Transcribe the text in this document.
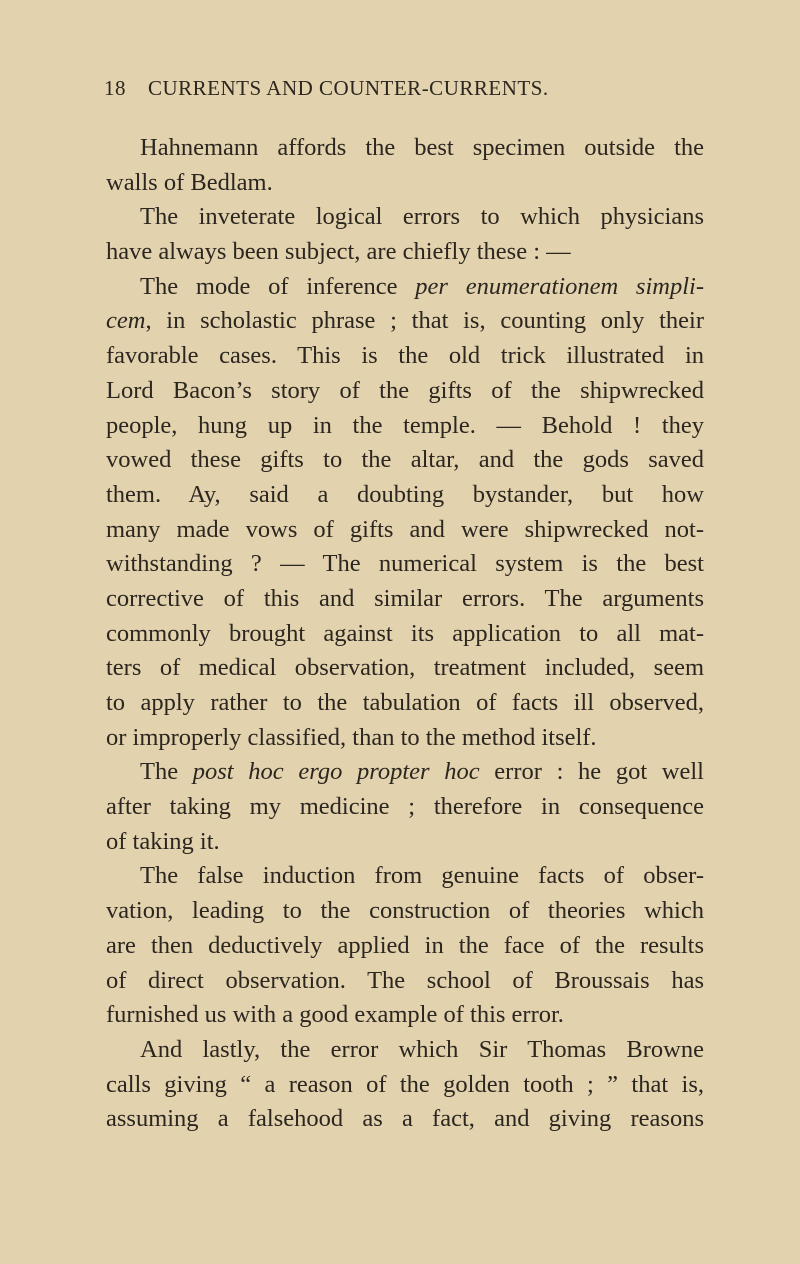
18 CURRENTS AND COUNTER-CURRENTS.
Hahnemann affords the best specimen outside the
walls of Bedlam.
The inveterate logical errors to which physicians
have always been subject, are chiefly these : —
The mode of inference per enumerationem simpli-
cem, in scholastic phrase ; that is, counting only their
favorable cases. This is the old trick illustrated in
Lord Bacon’s story of the gifts of the shipwrecked
people, hung up in the temple. — Behold ! they
vowed these gifts to the altar, and the gods saved
them. Ay, said a doubting bystander, but how
many made vows of gifts and were shipwrecked not-
withstanding ? — The numerical system is the best
corrective of this and similar errors. The arguments
commonly brought against its application to all mat-
ters of medical observation, treatment included, seem
to apply rather to the tabulation of facts ill observed,
or improperly classified, than to the method itself.
The post hoc ergo propter hoc error : he got well
after taking my medicine ; therefore in consequence
of taking it.
The false induction from genuine facts of obser-
vation, leading to the construction of theories which
are then deductively applied in the face of the results
of direct observation. The school of Broussais has
furnished us with a good example of this error.
And lastly, the error which Sir Thomas Browne
calls giving “ a reason of the golden tooth ; ” that is,
assuming a falsehood as a fact, and giving reasons
